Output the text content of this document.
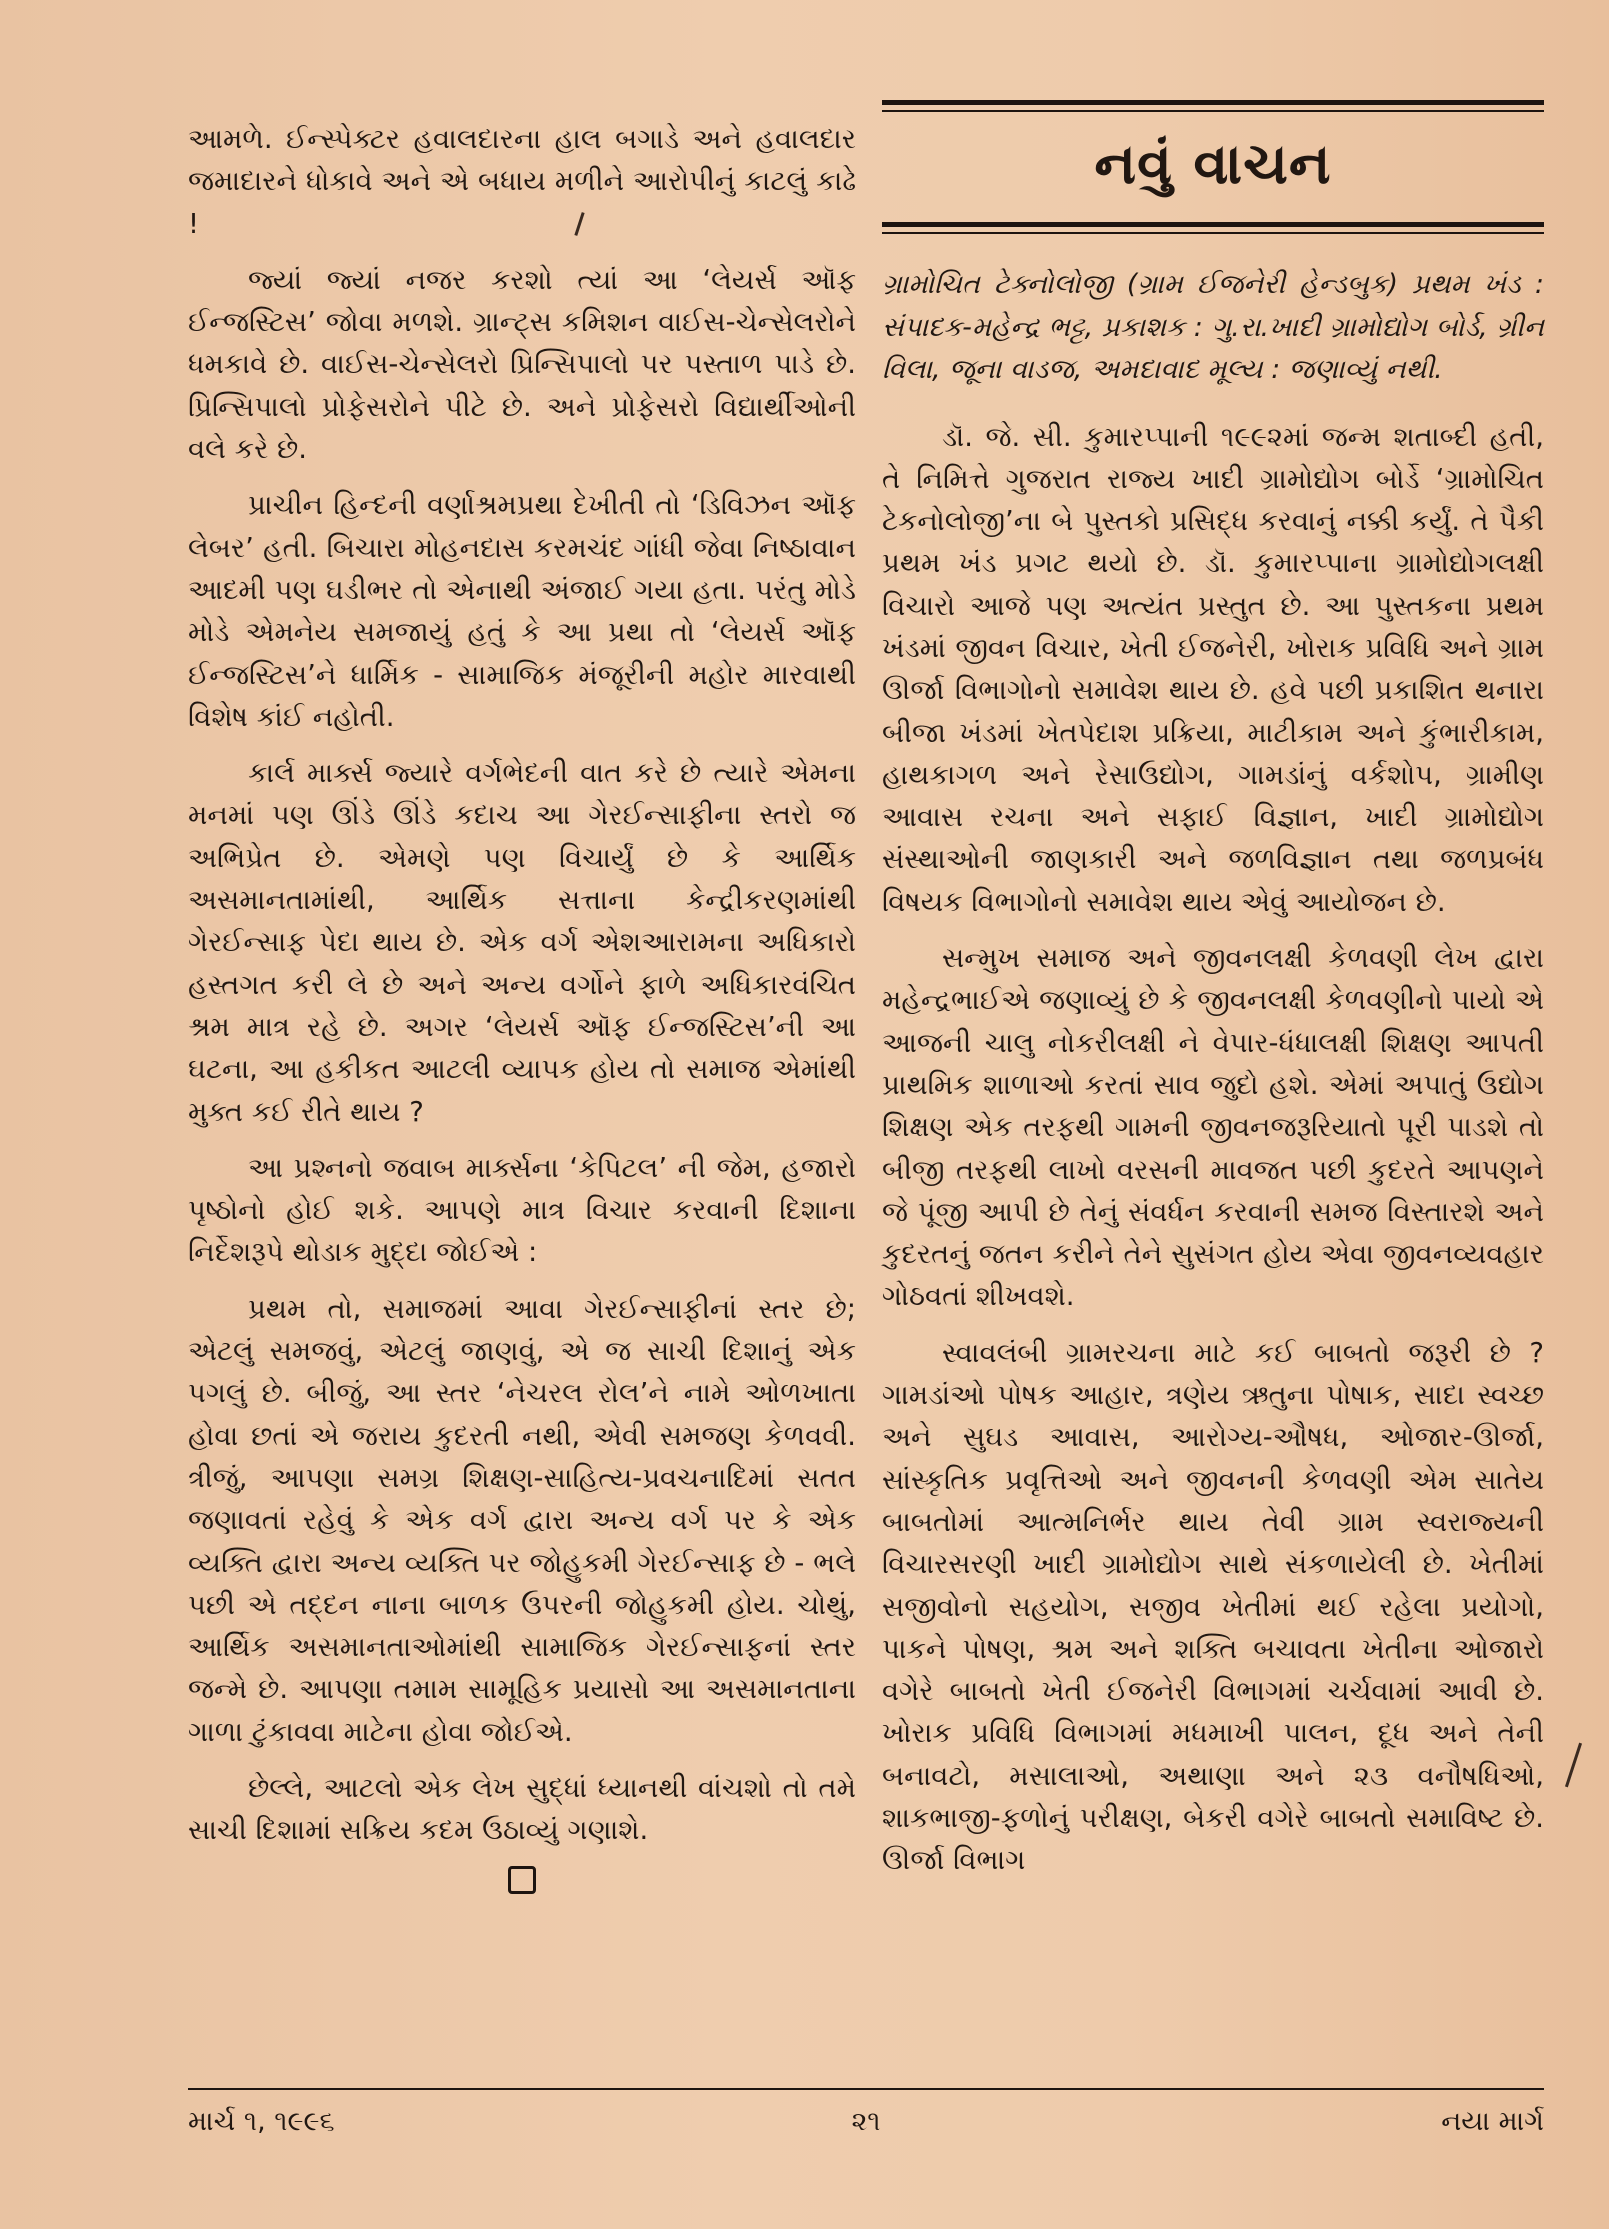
આમળે. ઈન્સ્પેક્ટર હવાલદારના હાલ બગાડે અને હવાલદાર જમાદારને ધોકાવે અને એ બધાય મળીને આરોપીનું કાટલું કાઢે !

જ્યાં જ્યાં નજર કરશો ત્યાં આ ‘લેયર્સ ઑફ ઈન્જસ્ટિસ’ જોવા મળશે. ગ્રાન્ટ્સ કમિશન વાઈસ-ચેન્સેલરોને ધમકાવે છે. વાઈસ-ચેન્સેલરો પ્રિન્સિપાલો પર પસ્તાળ પાડે છે. પ્રિન્સિપાલો પ્રોફેસરોને પીટે છે. અને પ્રોફેસરો વિદ્યાર્થીઓની વલે કરે છે.

પ્રાચીન હિન્દની વર્ણાશ્રમપ્રથા દેખીતી તો ‘ડિવિઝન ઑફ લેબર’ હતી. બિચારા મોહનદાસ કરમચંદ ગાંધી જેવા નિષ્ઠાવાન આદમી પણ ઘડીભર તો એનાથી અંજાઈ ગયા હતા. પરંતુ મોડે મોડે એમનેય સમજાયું હતું કે આ પ્રથા તો ‘લેયર્સ ઑફ ઈન્જસ્ટિસ’ને ધાર્મિક - સામાજિક મંજૂરીની મહોર મારવાથી વિશેષ કાંઈ નહોતી.

કાર્લ માર્ક્સ જ્યારે વર્ગભેદની વાત કરે છે ત્યારે એમના મનમાં પણ ઊંડે ઊંડે કદાચ આ ગેરઈન્સાફીના સ્તરો જ અભિપ્રેત છે. એમણે પણ વિચાર્યું છે કે આર્થિક અસમાનતામાંથી, આર્થિક સત્તાના કેન્દ્રીકરણમાંથી ગેરઈન્સાફ પેદા થાય છે. એક વર્ગ એશઆરામના અધિકારો હસ્તગત કરી લે છે અને અન્ય વર્ગોને ફાળે અધિકારવંચિત શ્રમ માત્ર રહે છે. અગર ‘લેયર્સ ઑફ ઈન્જસ્ટિસ’ની આ ઘટના, આ હકીકત આટલી વ્યાપક હોય તો સમાજ એમાંથી મુક્ત કઈ રીતે થાય ?

આ પ્રશ્નનો જવાબ માર્ક્સના ‘કેપિટલ’ ની જેમ, હજારો પૃષ્ઠોનો હોઈ શકે. આપણે માત્ર વિચાર કરવાની દિશાના નિર્દેશરૂપે થોડાક મુદ્દા જોઈએ :

પ્રથમ તો, સમાજમાં આવા ગેરઈન્સાફીનાં સ્તર છે; એટલું સમજવું, એટલું જાણવું, એ જ સાચી દિશાનું એક પગલું છે. બીજું, આ સ્તર ‘નેચરલ રોલ’ને નામે ઓળખાતા હોવા છતાં એ જરાય કુદરતી નથી, એવી સમજણ કેળવવી. ત્રીજું, આપણા સમગ્ર શિક્ષણ-સાહિત્ય-પ્રવચનાદિમાં સતત જણાવતાં રહેવું કે એક વર્ગ દ્વારા અન્ય વર્ગ પર કે એક વ્યક્તિ દ્વારા અન્ય વ્યક્તિ પર જોહુકમી ગેરઈન્સાફ છે - ભલે પછી એ તદ્દન નાના બાળક ઉપરની જોહુકમી હોય. ચોથું, આર્થિક અસમાનતાઓમાંથી સામાજિક ગેરઈન્સાફનાં સ્તર જન્મે છે. આપણા તમામ સામૂહિક પ્રયાસો આ અસમાનતાના ગાળા ટુંકાવવા માટેના હોવા જોઈએ.

છેલ્લે, આટલો એક લેખ સુદ્ધાં ધ્યાનથી વાંચશો તો તમે સાચી દિશામાં સક્રિય કદમ ઉઠાવ્યું ગણાશે.

નવું વાચન

ગ્રામોચિત ટેક્નોલોજી (ગ્રામ ઈજનેરી હેન્ડબુક) પ્રથમ ખંડ : સંપાદક-મહેન્દ્ર ભટ્ટ, પ્રકાશક : ગુ.રા.ખાદી ગ્રામોદ્યોગ બોર્ડ, ગ્રીન વિલા, જૂના વાડજ, અમદાવાદ મૂલ્ય : જણાવ્યું નથી.

ડૉ. જે. સી. કુમારપ્પાની ૧૯૯૨માં જન્મ શતાબ્દી હતી, તે નિમિત્તે ગુજરાત રાજ્ય ખાદી ગ્રામોદ્યોગ બોર્ડે ‘ગ્રામોચિત ટેકનોલોજી’ના બે પુસ્તકો પ્રસિદ્ધ કરવાનું નક્કી કર્યું. તે પૈકી પ્રથમ ખંડ પ્રગટ થયો છે. ડૉ. કુમારપ્પાના ગ્રામોદ્યોગલક્ષી વિચારો આજે પણ અત્યંત પ્રસ્તુત છે. આ પુસ્તકના પ્રથમ ખંડમાં જીવન વિચાર, ખેતી ઈજનેરી, ખોરાક પ્રવિધિ અને ગ્રામ ઊર્જા વિભાગોનો સમાવેશ થાય છે. હવે પછી પ્રકાશિત થનારા બીજા ખંડમાં ખેતપેદાશ પ્રક્રિયા, માટીકામ અને કુંભારીકામ, હાથકાગળ અને રેસાઉદ્યોગ, ગામડાંનું વર્કશોપ, ગ્રામીણ આવાસ રચના અને સફાઈ વિજ્ઞાન, ખાદી ગ્રામોદ્યોગ સંસ્થાઓની જાણકારી અને જળવિજ્ઞાન તથા જળપ્રબંધ વિષયક વિભાગોનો સમાવેશ થાય એવું આયોજન છે.

સન્મુખ સમાજ અને જીવનલક્ષી કેળવણી લેખ દ્વારા મહેન્દ્રભાઈએ જણાવ્યું છે કે જીવનલક્ષી કેળવણીનો પાયો એ આજની ચાલુ નોકરીલક્ષી ને વેપાર-ધંધાલક્ષી શિક્ષણ આપતી પ્રાથમિક શાળાઓ કરતાં સાવ જુદો હશે. એમાં અપાતું ઉદ્યોગ શિક્ષણ એક તરફથી ગામની જીવનજરૂરિયાતો પૂરી પાડશે તો બીજી તરફથી લાખો વરસની માવજત પછી કુદરતે આપણને જે પૂંજી આપી છે તેનું સંવર્ધન કરવાની સમજ વિસ્તારશે અને કુદરતનું જતન કરીને તેને સુસંગત હોય એવા જીવનવ્યવહાર ગોઠવતાં શીખવશે.

સ્વાવલંબી ગ્રામરચના માટે કઈ બાબતો જરૂરી છે ? ગામડાંઓ પોષક આહાર, ત્રણેય ઋતુના પોષાક, સાદા સ્વચ્છ અને સુઘડ આવાસ, આરોગ્ય-ઔષધ, ઓજાર-ઊર્જા, સાંસ્કૃતિક પ્રવૃત્તિઓ અને જીવનની કેળવણી એમ સાતેય બાબતોમાં આત્મનિર્ભર થાય તેવી ગ્રામ સ્વરાજ્યની વિચારસરણી ખાદી ગ્રામોદ્યોગ સાથે સંકળાયેલી છે. ખેતીમાં સજીવોનો સહયોગ, સજીવ ખેતીમાં થઈ રહેલા પ્રયોગો, પાકને પોષણ, શ્રમ અને શક્તિ બચાવતા ખેતીના ઓજારો વગેરે બાબતો ખેતી ઈજનેરી વિભાગમાં ચર્ચવામાં આવી છે. ખોરાક પ્રવિધિ વિભાગમાં મધમાખી પાલન, દૂધ અને તેની બનાવટો, મસાલાઓ, અથાણા અને ૨૩ વનૌષધિઓ, શાકભાજી-ફળોનું પરીક્ષણ, બેકરી વગેરે બાબતો સમાવિષ્ટ છે. ઊર્જા વિભાગ

માર્ચ ૧, ૧૯૯૬	૨૧	નયા માર્ગ
